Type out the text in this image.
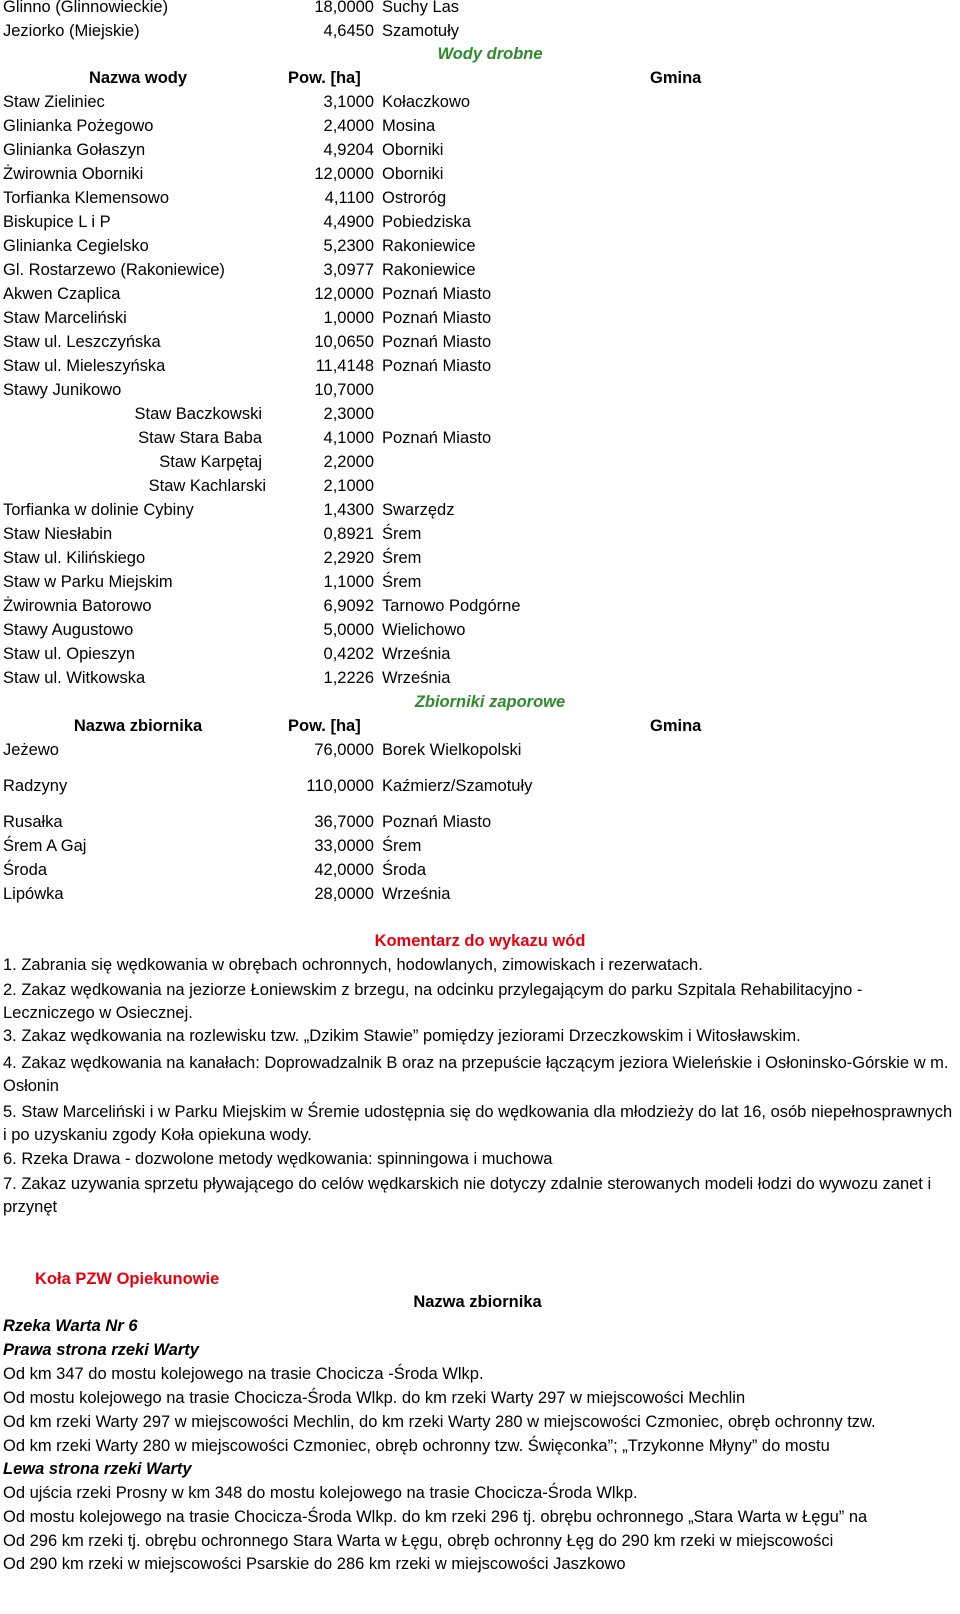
Glinno (Glinnowieckie)	18,0000 Suchy Las
Jeziorko (Miejskie)	4,6450 Szamotuły
Wody drobne
Nazwa wody	Pow. [ha]	Gmina
Staw Zieliniec	3,1000 Kołaczkowo
Glinianka Pożegowo	2,4000 Mosina
Glinianka Gołaszyn	4,9204 Oborniki
Żwirownia Oborniki	12,0000 Oborniki
Torfianka Klemensowo	4,1100 Ostroróg
Biskupice L i P	4,4900 Pobiedziska
Glinianka Cegielsko	5,2300 Rakoniewice
Gl. Rostarzewo (Rakoniewice)	3,0977 Rakoniewice
Akwen Czaplica	12,0000 Poznań Miasto
Staw Marceliński	1,0000 Poznań Miasto
Staw ul. Leszczyńska	10,0650 Poznań Miasto
Staw ul. Mieleszyńska	11,4148 Poznań Miasto
Stawy Junikowo	10,7000
Staw Baczkowski	2,3000
Staw Stara Baba	4,1000 Poznań Miasto
Staw Karpętaj	2,2000
Staw Kachlarski	2,1000
Torfianka w dolinie Cybiny	1,4300 Swarzędz
Staw Niesłabin	0,8921 Śrem
Staw ul. Kilińskiego	2,2920 Śrem
Staw w Parku Miejskim	1,1000 Śrem
Żwirownia Batorowo	6,9092 Tarnowo Podgórne
Stawy Augustowo	5,0000 Wielichowo
Staw ul. Opieszyn	0,4202 Września
Staw ul. Witkowska	1,2226 Września
Zbiorniki zaporowe
Nazwa zbiornika	Pow. [ha]	Gmina
Jeżewo	76,0000 Borek Wielkopolski
Radzyny	110,0000 Kaźmierz/Szamotuły
Rusałka	36,7000 Poznań Miasto
Śrem A Gaj	33,0000 Śrem
Środa	42,0000 Środa
Lipówka	28,0000 Września
Komentarz do wykazu wód
1. Zabrania się wędkowania w obrębach ochronnych, hodowlanych, zimowiskach i rezerwatach.
2. Zakaz wędkowania na jeziorze Łoniewskim z brzegu, na odcinku przylegającym do parku Szpitala Rehabilitacyjno - Leczniczego w Osiecznej.
3. Zakaz wędkowania na rozlewisku tzw. „Dzikim Stawie” pomiędzy jeziorami Drzeczkowskim i Witosławskim.
4. Zakaz wędkowania na kanałach: Doprowadzalnik B oraz na przepuście łączącym jeziora Wieleńskie i Osłoninsko-Górskie w m. Osłonin
5. Staw Marceliński i w Parku Miejskim w Śremie udostępnia się do wędkowania dla młodzieży do lat 16, osób niepełnosprawnych i po uzyskaniu zgody Koła opiekuna wody.
6. Rzeka Drawa - dozwolone metody wędkowania: spinningowa i muchowa
7. Zakaz uzywania sprzetu pływającego do celów wędkarskich nie dotyczy zdalnie sterowanych modeli łodzi do wywozu zanet i przynęt
Koła PZW Opiekunowie
Nazwa zbiornika
Rzeka Warta Nr 6
Prawa strona rzeki Warty
Od km 347 do mostu kolejowego na trasie Chocicza -Środa Wlkp.
Od mostu kolejowego na trasie Chocicza-Środa Wlkp. do km rzeki Warty 297 w miejscowości Mechlin
Od km rzeki Warty 297 w miejscowości Mechlin, do km rzeki Warty 280 w miejscowości Czmoniec, obręb ochronny tzw.
Od km rzeki Warty 280 w miejscowości Czmoniec, obręb ochronny tzw. Święconka”; „Trzykonne Młyny” do mostu
Lewa strona rzeki Warty
Od ujścia rzeki Prosny w km 348 do mostu kolejowego na trasie Chocicza-Środa Wlkp.
Od mostu kolejowego na trasie Chocicza-Środa Wlkp. do km rzeki 296 tj. obrębu ochronnego „Stara Warta w Łęgu” na
Od 296 km rzeki tj. obrębu ochronnego Stara Warta w Łęgu, obręb ochronny Łęg do 290 km rzeki w miejscowości
Od 290 km rzeki w miejscowości Psarskie do 286 km rzeki w miejscowości Jaszkowo
